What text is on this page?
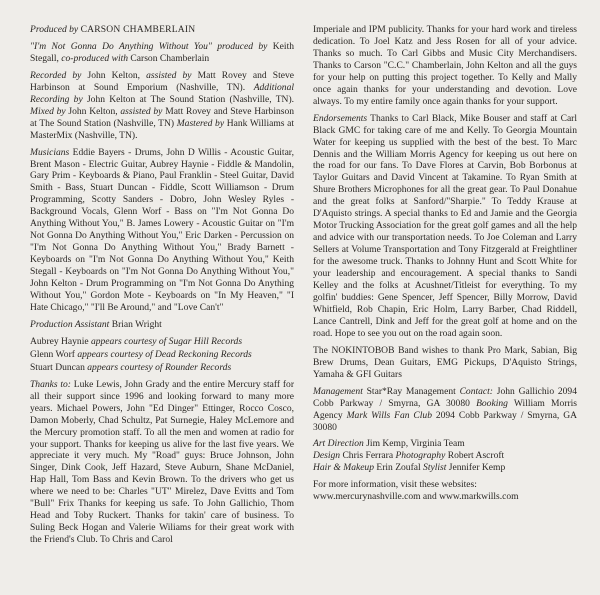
Produced by CARSON CHAMBERLAIN

"I'm Not Gonna Do Anything Without You" produced by Keith Stegall, co-produced with Carson Chamberlain

Recorded by John Kelton, assisted by Matt Rovey and Steve Harbinson at Sound Emporium (Nashville, TN). Additional Recording by John Kelton at The Sound Station (Nashville, TN). Mixed by John Kelton, assisted by Matt Rovey and Steve Harbinson at The Sound Station (Nashville, TN) Mastered by Hank Williams at MasterMix (Nashville, TN).

Musicians Eddie Bayers - Drums, John D Willis - Acoustic Guitar, Brent Mason - Electric Guitar, Aubrey Haynie - Fiddle & Mandolin, Gary Prim - Keyboards & Piano, Paul Franklin - Steel Guitar, David Smith - Bass, Stuart Duncan - Fiddle, Scott Williamson - Drum Programming, Scotty Sanders - Dobro, John Wesley Ryles - Background Vocals, Glenn Worf - Bass on "I'm Not Gonna Do Anything Without You," B. James Lowery - Acoustic Guitar on "I'm Not Gonna Do Anything Without You," Eric Darken - Percussion on "I'm Not Gonna Do Anything Without You," Brady Barnett - Keyboards on "I'm Not Gonna Do Anything Without You," Keith Stegall - Keyboards on "I'm Not Gonna Do Anything Without You," John Kelton - Drum Programming on "I'm Not Gonna Do Anything Without You," Gordon Mote - Keyboards on "In My Heaven," "I Hate Chicago," "I'll Be Around," and "Love Can't"

Production Assistant Brian Wright

Aubrey Haynie appears courtesy of Sugar Hill Records

Glenn Worf appears courtesy of Dead Reckoning Records

Stuart Duncan appears courtesy of Rounder Records

Thanks to: Luke Lewis, John Grady and the entire Mercury staff for all their support since 1996 and looking forward to many more years. Michael Powers, John "Ed Dinger" Ettinger, Rocco Cosco, Damon Moberly, Chad Schultz, Pat Surnegie, Haley McLemore and the Mercury promotion staff. To all the men and women at radio for your support. Thanks for keeping us alive for the last five years. We appreciate it very much. My "Road" guys: Bruce Johnson, John Singer, Dink Cook, Jeff Hazard, Steve Auburn, Shane McDaniel, Hap Hall, Tom Bass and Kevin Brown. To the drivers who get us where we need to be: Charles "UT" Mirelez, Dave Evitts and Tom "Bull" Frix Thanks for keeping us safe. To John Gallichio, Thom Head and Toby Ruckert. Thanks for takin' care of business. To Suling Beck Hogan and Valerie Wiliams for their great work with the Friend's Club. To Chris and Carol

Imperiale and IPM publicity. Thanks for your hard work and tireless dedication. To Joel Katz and Jess Rosen for all of your advice. Thanks so much. To Carl Gibbs and Music City Merchandisers. Thanks to Carson "C.C." Chamberlain, John Kelton and all the guys for your help on putting this project together. To Kelly and Mally once again thanks for your understanding and devotion. Love always. To my entire family once again thanks for your support.

Endorsements Thanks to Carl Black, Mike Bouser and staff at Carl Black GMC for taking care of me and Kelly. To Georgia Mountain Water for keeping us supplied with the best of the best. To Marc Dennis and the William Morris Agency for keeping us out here on the road for our fans. To Dave Flores at Carvin, Bob Borbonus at Taylor Guitars and David Vincent at Takamine. To Ryan Smith at Shure Brothers Microphones for all the great gear. To Paul Donahue and the great folks at Sanford/"Sharpie." To Teddy Krause at D'Aquisto strings. A special thanks to Ed and Jamie and the Georgia Motor Trucking Association for the great golf games and all the help and advice with our transportation needs. To Joe Coleman and Larry Sellers at Volume Transportation and Tony Fitzgerald at Freightliner for the awesome truck. Thanks to Johnny Hunt and Scott White for your leadership and encouragement. A special thanks to Sandi Kelley and the folks at Acushnet/Titleist for everything. To my golfin' buddies: Gene Spencer, Jeff Spencer, Billy Morrow, David Whitfield, Rob Chapin, Eric Holm, Larry Barber, Chad Riddell, Lance Cantrell, Dink and Jeff for the great golf at home and on the road. Hope to see you out on the road again soon.

The NOKINTOBOB Band wishes to thank Pro Mark, Sabian, Big Brew Drums, Dean Guitars, EMG Pickups, D'Aquisto Strings, Yamaha & GFI Guitars

Management Star*Ray Management Contact: John Gallichio 2094 Cobb Parkway / Smyrna, GA 30080 Booking William Morris Agency Mark Wills Fan Club 2094 Cobb Parkway / Smyrna, GA 30080

Art Direction Jim Kemp, Virginia Team
Design Chris Ferrara Photography Robert Ascroft
Hair & Makeup Erin Zoufal Stylist Jennifer Kemp

For more information, visit these websites:
www.mercurynashville.com and www.markwills.com
